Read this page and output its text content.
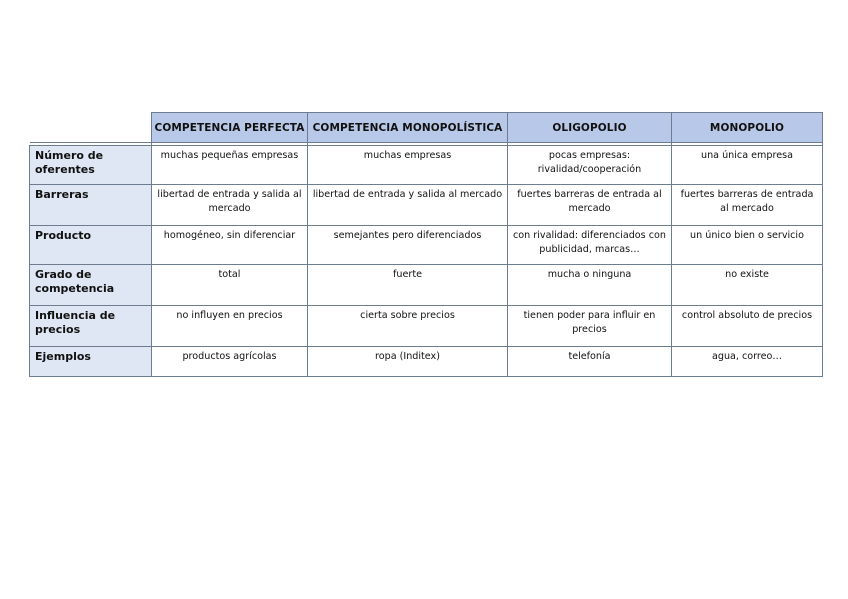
	COMPETENCIA PERFECTA	COMPETENCIA MONOPOLÍSTICA	OLIGOPOLIO	MONOPOLIO

Número de oferentes	muchas pequeñas empresas	muchas empresas	pocas empresas: rivalidad/cooperación	una única empresa
Barreras	libertad de entrada y salida al mercado	libertad de entrada y salida al mercado	fuertes barreras de entrada al mercado	fuertes barreras de entrada al mercado
Producto	homogéneo, sin diferenciar	semejantes pero diferenciados	con rivalidad: diferenciados con publicidad, marcas…	un único bien o servicio
Grado de competencia	total	fuerte	mucha o ninguna	no existe
Influencia de precios	no influyen en precios	cierta sobre precios	tienen poder para influir en precios	control absoluto de precios
Ejemplos	productos agrícolas	ropa (Inditex)	telefonía	agua, correo…
